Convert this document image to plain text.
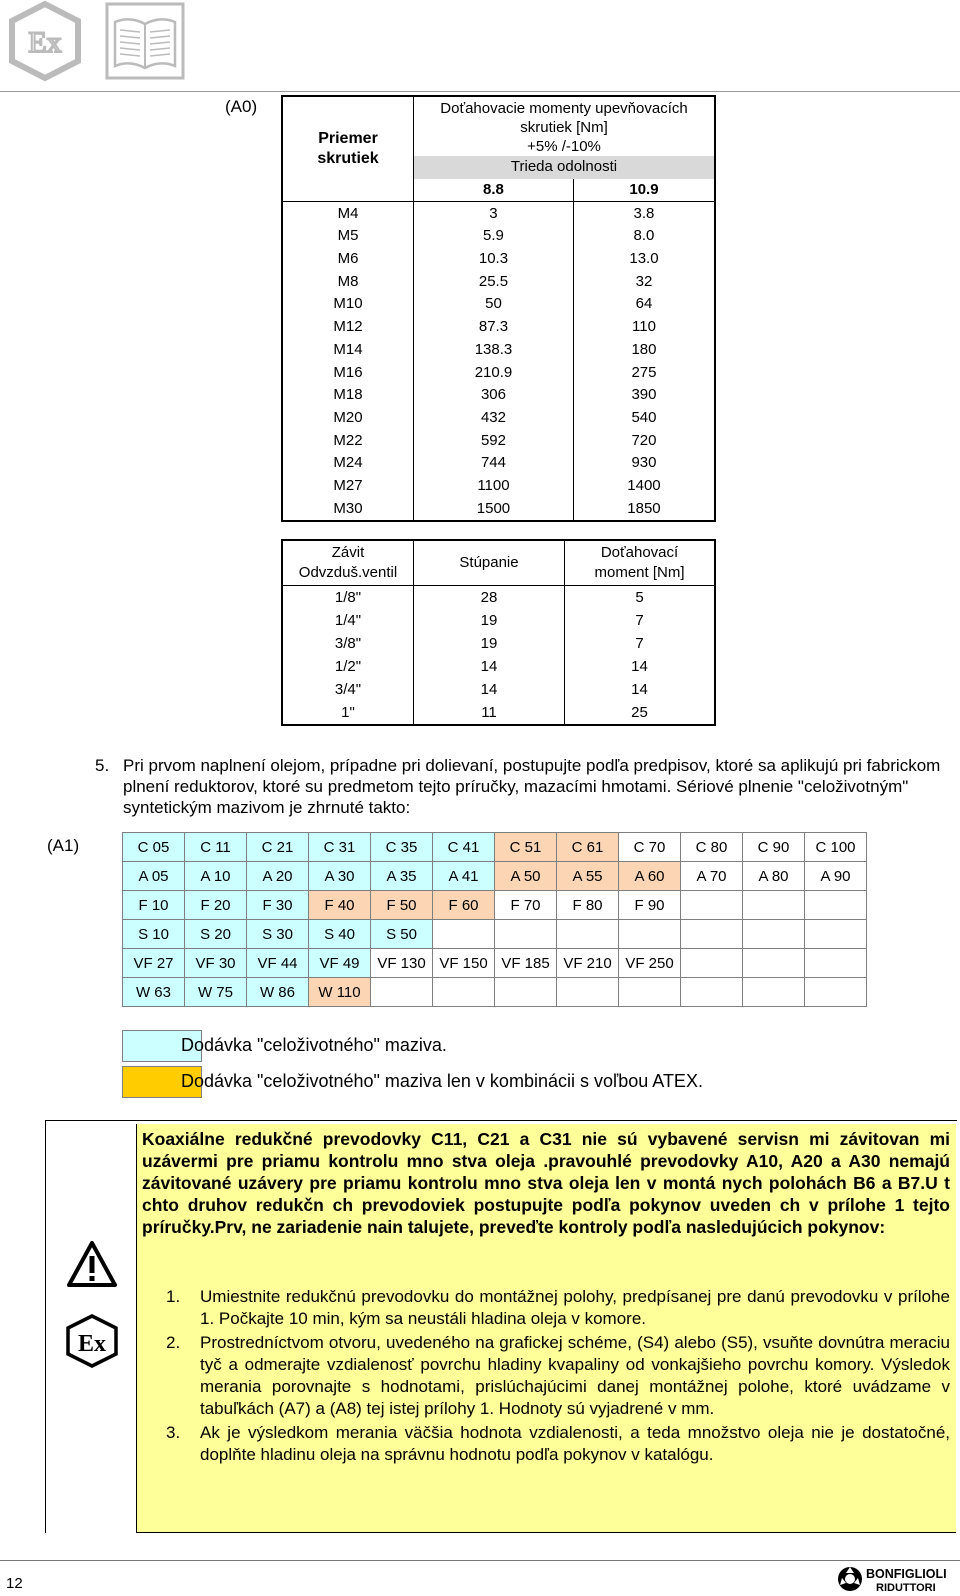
Ex
(A0)
Priemer
skrutiek	Doťahovacie momenty upevňovacích
skrutiek [Nm]
+5% /-10%	
	Trieda odolnosti	
	8.8	10.9
M4	3	3.8
M5	5.9	8.0
M6	10.3	13.0
M8	25.5	32
M10	50	64
M12	87.3	110
M14	138.3	180
M16	210.9	275
M18	306	390
M20	432	540
M22	592	720
M24	744	930
M27	1100	1400
M30	1500	1850
Závit
Odvzduš.ventil	Stúpanie	Doťahovací
moment [Nm]
1/8"	28	5
1/4"	19	7
3/8"	19	7
1/2"	14	14
3/4"	14	14
1"	11	25
5. Pri prvom naplnení olejom, prípadne pri dolievaní, postupujte podľa predpisov, ktoré sa aplikujú pri fabrickom plnení reduktorov, ktoré su predmetom tejto príručky, mazacími hmotami. Sériové plnenie "celoživotným" syntetickým mazivom je zhrnuté takto:
(A1)	C 05	C 11	C 21	C 31	C 35	C 41	C 51	C 61	C 70	C 80	C 90	C 100
A 05	A 10	A 20	A 30	A 35	A 41	A 50	A 55	A 60	A 70	A 80	A 90
F 10	F 20	F 30	F 40	F 50	F 60	F 70	F 80	F 90			
S 10	S 20	S 30	S 40	S 50							
VF 27	VF 30	VF 44	VF 49	VF 130	VF 150	VF 185	VF 210	VF 250			
W 63	W 75	W 86	W 110								
Dodávka "celoživotného" maziva.
Dodávka "celoživotného" maziva len v kombinácii s voľbou ATEX.
Ex
Koaxiálne redukčné prevodovky C11, C21 a C31 nie sú vybavené servisn mi závitovan mi uzávermi pre priamu kontrolu mno stva oleja .pravouhlé prevodovky A10, A20 a A30 nemajú závitované uzávery pre priamu kontrolu mno stva oleja len v montá nych polohách B6 a B7.U t chto druhov redukčn ch prevodoviek postupujte podľa pokynov uveden ch v prílohe 1 tejto príručky.Prv, ne zariadenie nain talujete, preveďte kontroly podľa nasledujúcich pokynov:
1. Umiestnite redukčnú prevodovku do montážnej polohy, predpísanej pre danú prevodovku v prílohe 1. Počkajte 10 min, kým sa neustáli hladina oleja v komore.
2. Prostredníctvom otvoru, uvedeného na grafickej schéme, (S4) alebo (S5), vsuňte dovnútra meraciu tyč a odmerajte vzdialenosť povrchu hladiny kvapaliny od vonkajšieho povrchu komory. Výsledok merania porovnajte s hodnotami, prislúchajúcimi danej montážnej polohe, ktoré uvádzame v tabuľkách (A7) a (A8) tej istej prílohy 1. Hodnoty sú vyjadrené v mm.
3. Ak je výsledkom merania väčšia hodnota vzdialenosti, a teda množstvo oleja nie je dostatočné, doplňte hladinu oleja na správnu hodnotu podľa pokynov v katalógu.
12
BONFIGLIOLI
RIDUTTORI
